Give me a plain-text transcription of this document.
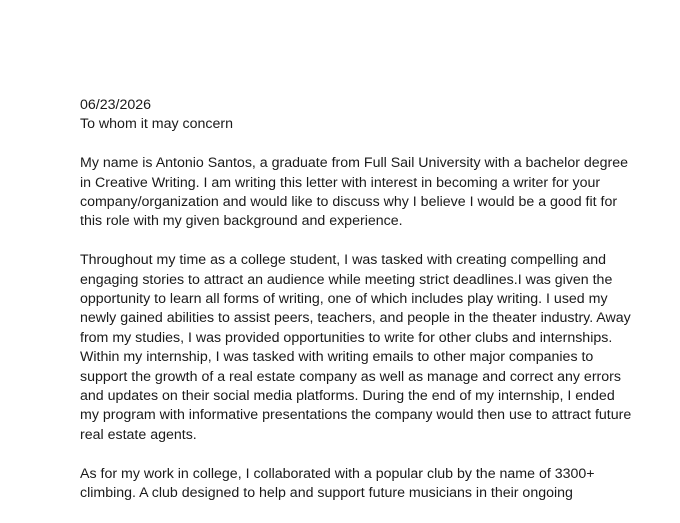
06/23/2026
To whom it may concern
My name is Antonio Santos, a graduate from Full Sail University with a bachelor degree
in Creative Writing. I am writing this letter with interest in becoming a writer for your
company/organization and would like to discuss why I believe I would be a good fit for
this role with my given background and experience.
Throughout my time as a college student, I was tasked with creating compelling and
engaging stories to attract an audience while meeting strict deadlines.I was given the
opportunity to learn all forms of writing, one of which includes play writing. I used my
newly gained abilities to assist peers, teachers, and people in the theater industry. Away
from my studies, I was provided opportunities to write for other clubs and internships.
Within my internship, I was tasked with writing emails to other major companies to
support the growth of a real estate company as well as manage and correct any errors
and updates on their social media platforms. During the end of my internship, I ended
my program with informative presentations the company would then use to attract future
real estate agents.
As for my work in college, I collaborated with a popular club by the name of 3300+
climbing. A club designed to help and support future musicians in their ongoing
